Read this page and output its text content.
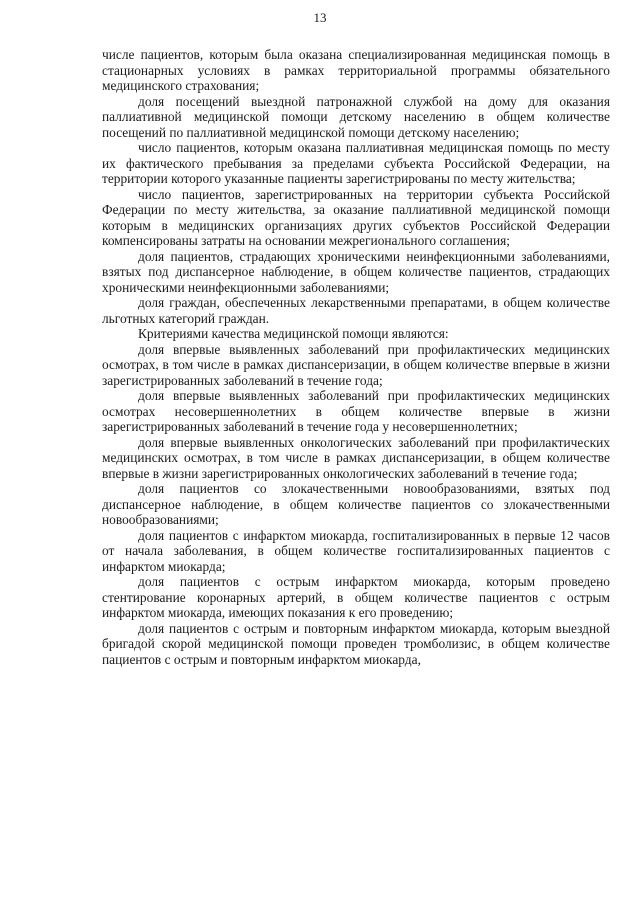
13

числе пациентов, которым была оказана специализированная медицинская помощь в стационарных условиях в рамках территориальной программы обязательного медицинского страхования;

доля посещений выездной патронажной службой на дому для оказания паллиативной медицинской помощи детскому населению в общем количестве посещений по паллиативной медицинской помощи детскому населению;

число пациентов, которым оказана паллиативная медицинская помощь по месту их фактического пребывания за пределами субъекта Российской Федерации, на территории которого указанные пациенты зарегистрированы по месту жительства;

число пациентов, зарегистрированных на территории субъекта Российской Федерации по месту жительства, за оказание паллиативной медицинской помощи которым в медицинских организациях других субъектов Российской Федерации компенсированы затраты на основании межрегионального соглашения;

доля пациентов, страдающих хроническими неинфекционными заболеваниями, взятых под диспансерное наблюдение, в общем количестве пациентов, страдающих хроническими неинфекционными заболеваниями;

доля граждан, обеспеченных лекарственными препаратами, в общем количестве льготных категорий граждан.

Критериями качества медицинской помощи являются:

доля впервые выявленных заболеваний при профилактических медицинских осмотрах, в том числе в рамках диспансеризации, в общем количестве впервые в жизни зарегистрированных заболеваний в течение года;

доля впервые выявленных заболеваний при профилактических медицинских осмотрах несовершеннолетних в общем количестве впервые в жизни зарегистрированных заболеваний в течение года у несовершеннолетних;

доля впервые выявленных онкологических заболеваний при профилактических медицинских осмотрах, в том числе в рамках диспансеризации, в общем количестве впервые в жизни зарегистрированных онкологических заболеваний в течение года;

доля пациентов со злокачественными новообразованиями, взятых под диспансерное наблюдение, в общем количестве пациентов со злокачественными новообразованиями;

доля пациентов с инфарктом миокарда, госпитализированных в первые 12 часов от начала заболевания, в общем количестве госпитализированных пациентов с инфарктом миокарда;

доля пациентов с острым инфарктом миокарда, которым проведено стентирование коронарных артерий, в общем количестве пациентов с острым инфарктом миокарда, имеющих показания к его проведению;

доля пациентов с острым и повторным инфарктом миокарда, которым выездной бригадой скорой медицинской помощи проведен тромболизис, в общем количестве пациентов с острым и повторным инфарктом миокарда,
